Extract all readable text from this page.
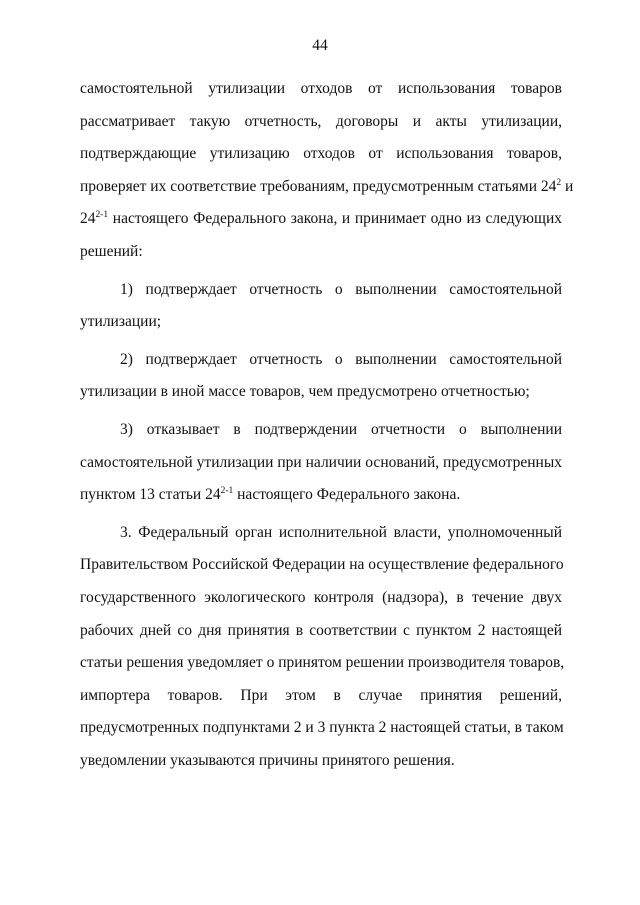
44
самостоятельной утилизации отходов от использования товаров
рассматривает такую отчетность, договоры и акты утилизации,
подтверждающие утилизацию отходов от использования товаров,
проверяет их соответствие требованиям, предусмотренным статьями $24^2$ и
24$^{2-1}$ настоящего Федерального закона, и принимает одно из следующих
решений:
1) подтверждает отчетность о выполнении самостоятельной
утилизации;
2) подтверждает отчетность о выполнении самостоятельной
утилизации в иной массе товаров, чем предусмотрено отчетностью;
3) отказывает в подтверждении отчетности о выполнении
самостоятельной утилизации при наличии оснований, предусмотренных
пунктом 13 статьи 24$^{2-1}$ настоящего Федерального закона.
3. Федеральный орган исполнительной власти, уполномоченный
Правительством Российской Федерации на осуществление федерального
государственного экологического контроля (надзора), в течение двух
рабочих дней со дня принятия в соответствии с пунктом 2 настоящей
статьи решения уведомляет о принятом решении производителя товаров,
импортера товаров. При этом в случае принятия решений,
предусмотренных подпунктами 2 и 3 пункта 2 настоящей статьи, в таком
уведомлении указываются причины принятого решения.
